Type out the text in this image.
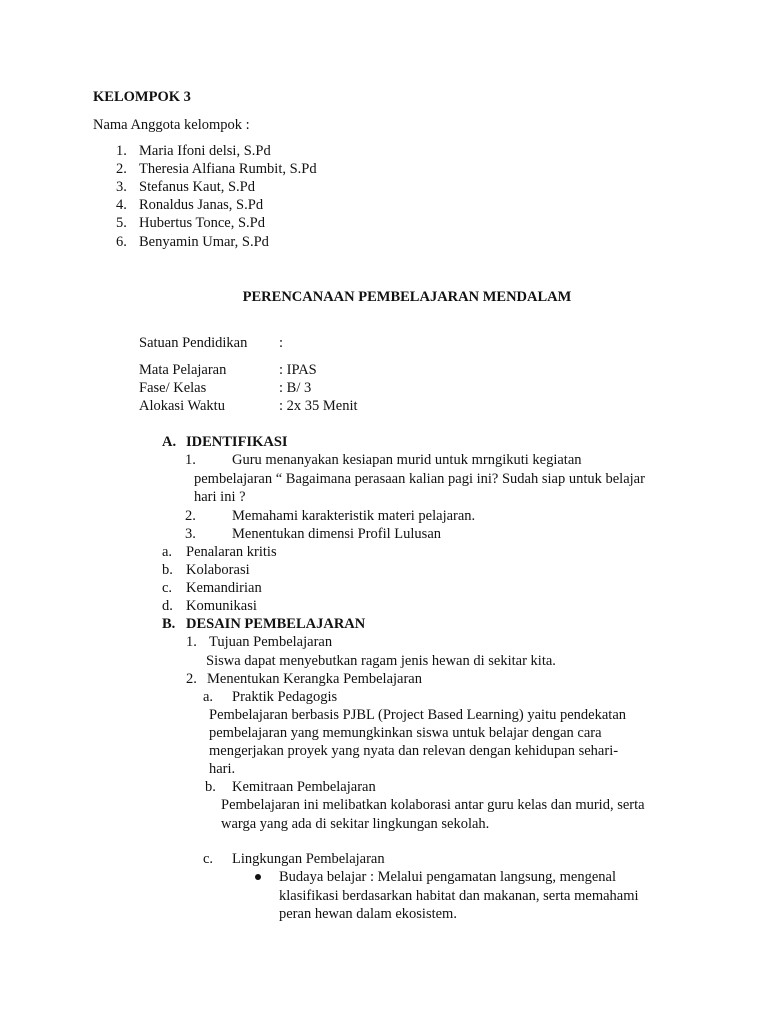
KELOMPOK 3
Nama Anggota kelompok :
1. Maria Ifoni delsi, S.Pd
2. Theresia Alfiana Rumbit, S.Pd
3. Stefanus Kaut, S.Pd
4. Ronaldus Janas, S.Pd
5. Hubertus Tonce, S.Pd
6. Benyamin Umar, S.Pd
PERENCANAAN PEMBELAJARAN MENDALAM
Satuan Pendidikan :
Mata Pelajaran	: IPAS
Fase/ Kelas	: B/ 3
Alokasi Waktu	: 2x 35 Menit
A. IDENTIFIKASI
1. Guru menanyakan kesiapan murid untuk mrngikuti kegiatan
pembelajaran “ Bagaimana perasaan kalian pagi ini? Sudah siap untuk belajar
hari ini ?
2. Memahami karakteristik materi pelajaran.
3. Menentukan dimensi Profil Lulusan
a. Penalaran kritis
b. Kolaborasi
c. Kemandirian
d. Komunikasi
B. DESAIN PEMBELAJARAN
1. Tujuan Pembelajaran
Siswa dapat menyebutkan ragam jenis hewan di sekitar kita.
2. Menentukan Kerangka Pembelajaran
a. Praktik Pedagogis
Pembelajaran berbasis PJBL (Project Based Learning) yaitu pendekatan
pembelajaran yang memungkinkan siswa untuk belajar dengan cara
mengerjakan proyek yang nyata dan relevan dengan kehidupan sehari-
hari.
b. Kemitraan Pembelajaran
Pembelajaran ini melibatkan kolaborasi antar guru kelas dan murid, serta
warga yang ada di sekitar lingkungan sekolah.
c. Lingkungan Pembelajaran
Budaya belajar : Melalui pengamatan langsung, mengenal
klasifikasi berdasarkan habitat dan makanan, serta memahami
peran hewan dalam ekosistem.
